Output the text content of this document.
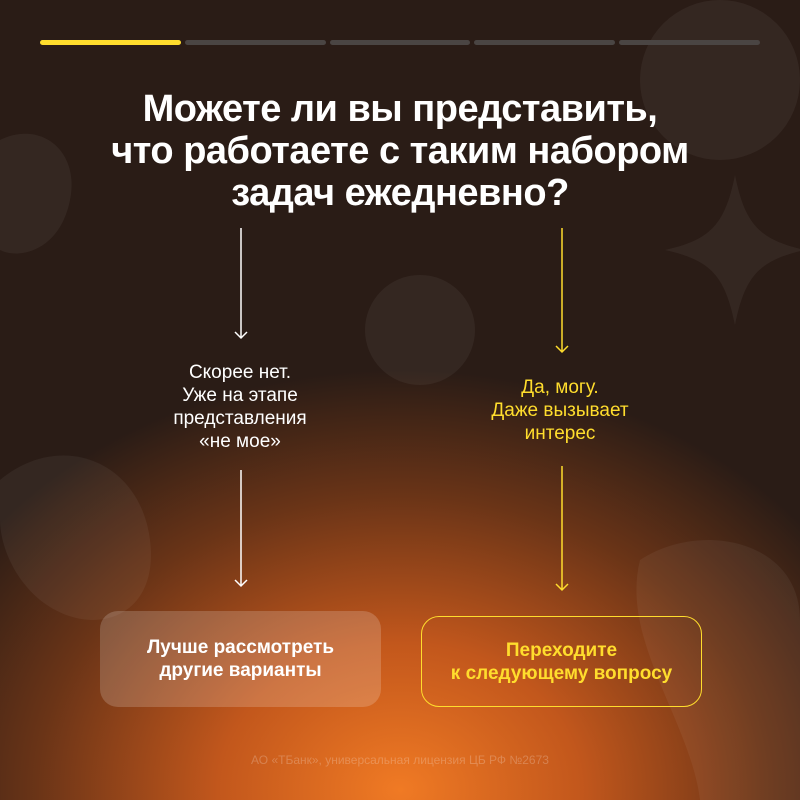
Можете ли вы представить,
что работаете с таким набором
задач ежедневно?
Скорее нет.
Уже на этапе
представления
«не мое»
Да, могу.
Даже вызывает
интерес
Лучше рассмотреть
другие варианты
Переходите
к следующему вопросу
АО «ТБанк», универсальная лицензия ЦБ РФ №2673
